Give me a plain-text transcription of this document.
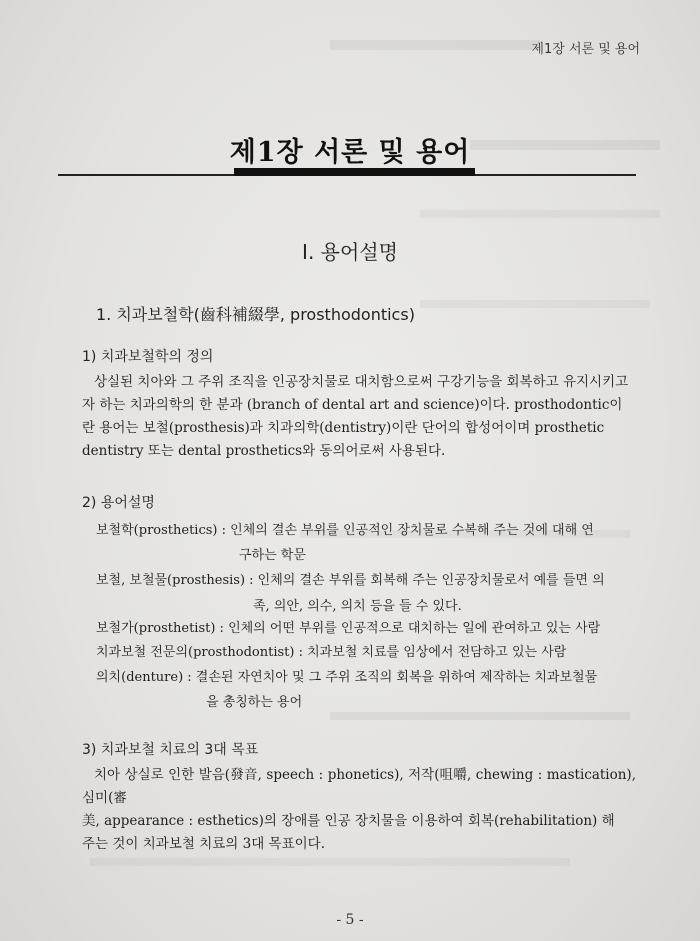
제1장 서론 및 용어
제1장 서론 및 용어
Ⅰ. 용어설명
1. 치과보철학(齒科補綴學, prosthodontics)
1) 치과보철학의 정의
상실된 치아와 그 주위 조직을 인공장치물로 대치함으로써 구강기능을 회복하고 유지시키고
자 하는 치과의학의 한 분과 (branch of dental art and science)이다. prosthodontic이
란 용어는 보철(prosthesis)과 치과의학(dentistry)이란 단어의 합성어이며 prosthetic
dentistry 또는 dental prosthetics와 동의어로써 사용된다.
2) 용어설명
보철학(prosthetics) : 인체의 결손 부위를 인공적인 장치물로 수복해 주는 것에 대해 연
구하는 학문
보철, 보철물(prosthesis) : 인체의 결손 부위를 회복해 주는 인공장치물로서 예를 들면 의
족, 의안, 의수, 의치 등을 들 수 있다.
보철가(prosthetist) : 인체의 어떤 부위를 인공적으로 대치하는 일에 관여하고 있는 사람
치과보철 전문의(prosthodontist) : 치과보철 치료를 임상에서 전담하고 있는 사람
의치(denture) : 결손된 자연치아 및 그 주위 조직의 회복을 위하여 제작하는 치과보철물
을 총칭하는 용어
3) 치과보철 치료의 3대 목표
치아 상실로 인한 발음(發音, speech : phonetics), 저작(咀嚼, chewing : mastication), 심미(審
美, appearance : esthetics)의 장애를 인공 장치물을 이용하여 회복(rehabilitation) 해
주는 것이 치과보철 치료의 3대 목표이다.
- 5 -
